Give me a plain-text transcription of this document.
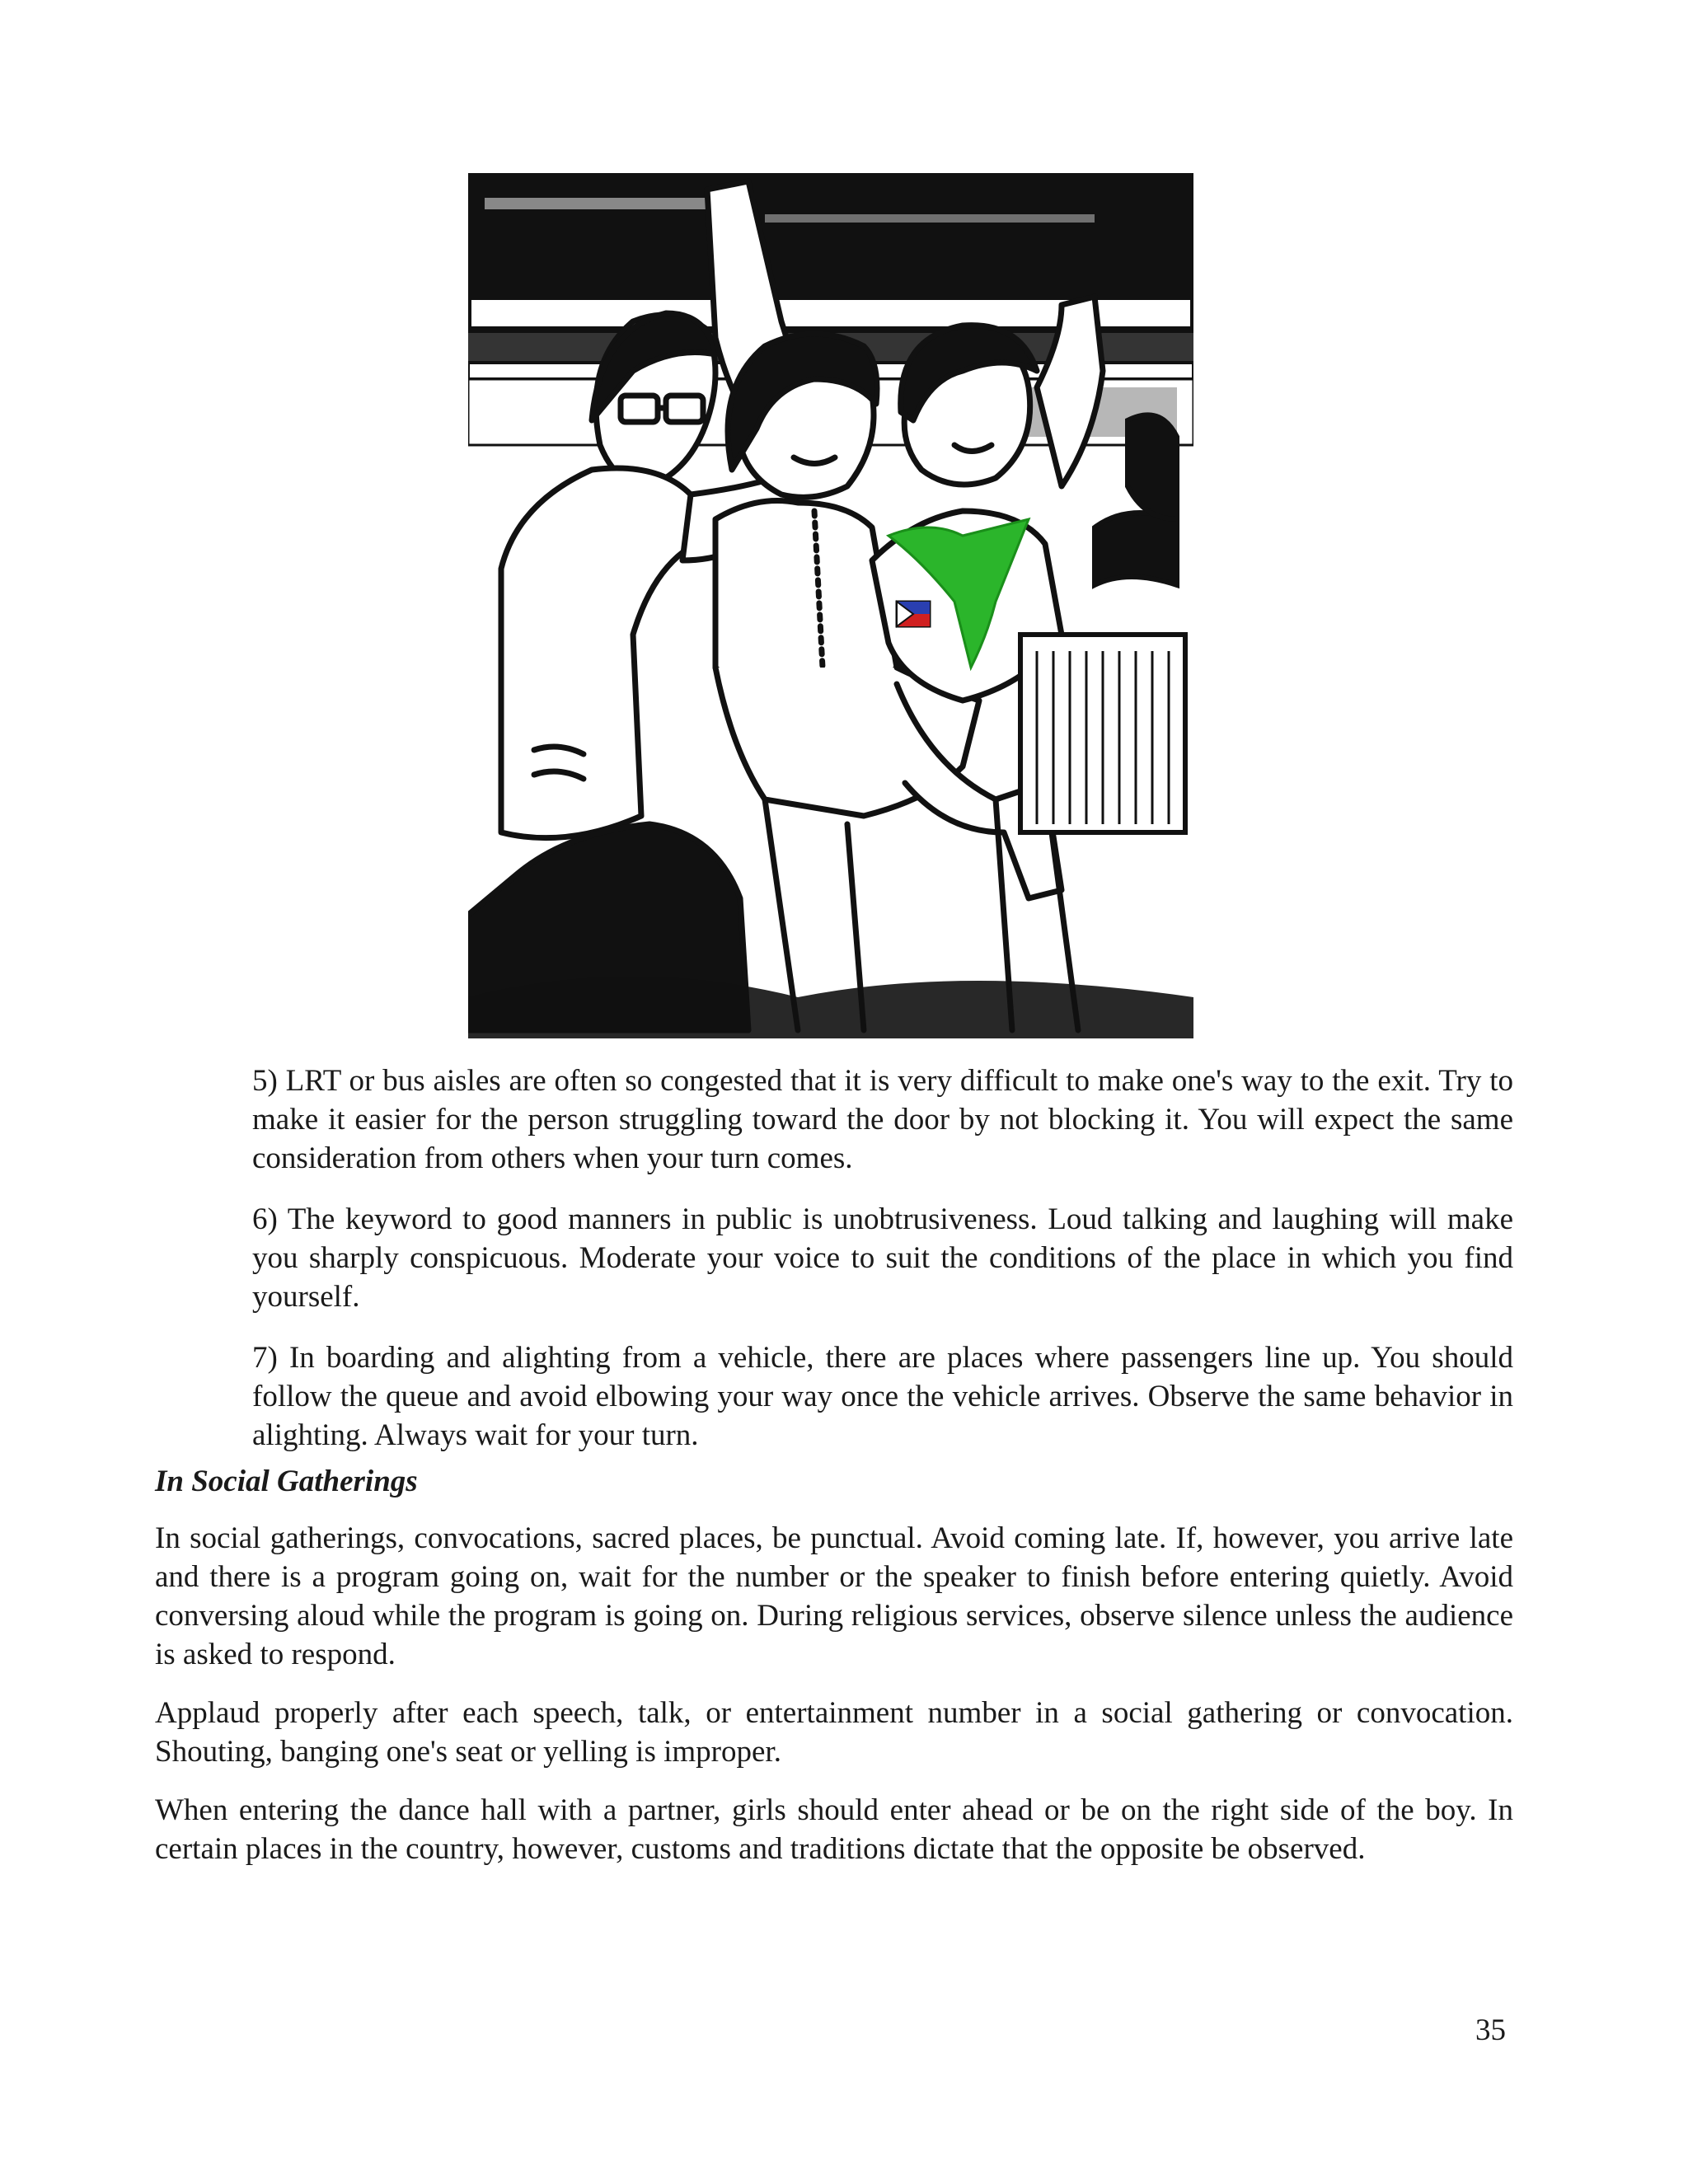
5) LRT or bus aisles are often so congested that it is very difficult to make one's way to the exit. Try to make it easier for the person struggling toward the door by not blocking it. You will expect the same consideration from others when your turn comes.

6) The keyword to good manners in public is unobtrusiveness. Loud talking and laughing will make you sharply conspicuous. Moderate your voice to suit the conditions of the place in which you find yourself.

7) In boarding and alighting from a vehicle, there are places where passengers line up. You should follow the queue and avoid elbowing your way once the vehicle arrives. Observe the same behavior in alighting. Always wait for your turn.

In Social Gatherings

In social gatherings, convocations, sacred places, be punctual. Avoid coming late. If, however, you arrive late and there is a program going on, wait for the number or the speaker to finish before entering quietly. Avoid conversing aloud while the program is going on. During religious services, observe silence unless the audience is asked to respond.

Applaud properly after each speech, talk, or entertainment number in a social gathering or convocation. Shouting, banging one's seat or yelling is improper.

When entering the dance hall with a partner, girls should enter ahead or be on the right side of the boy. In certain places in the country, however, customs and traditions dictate that the opposite be observed.

35
